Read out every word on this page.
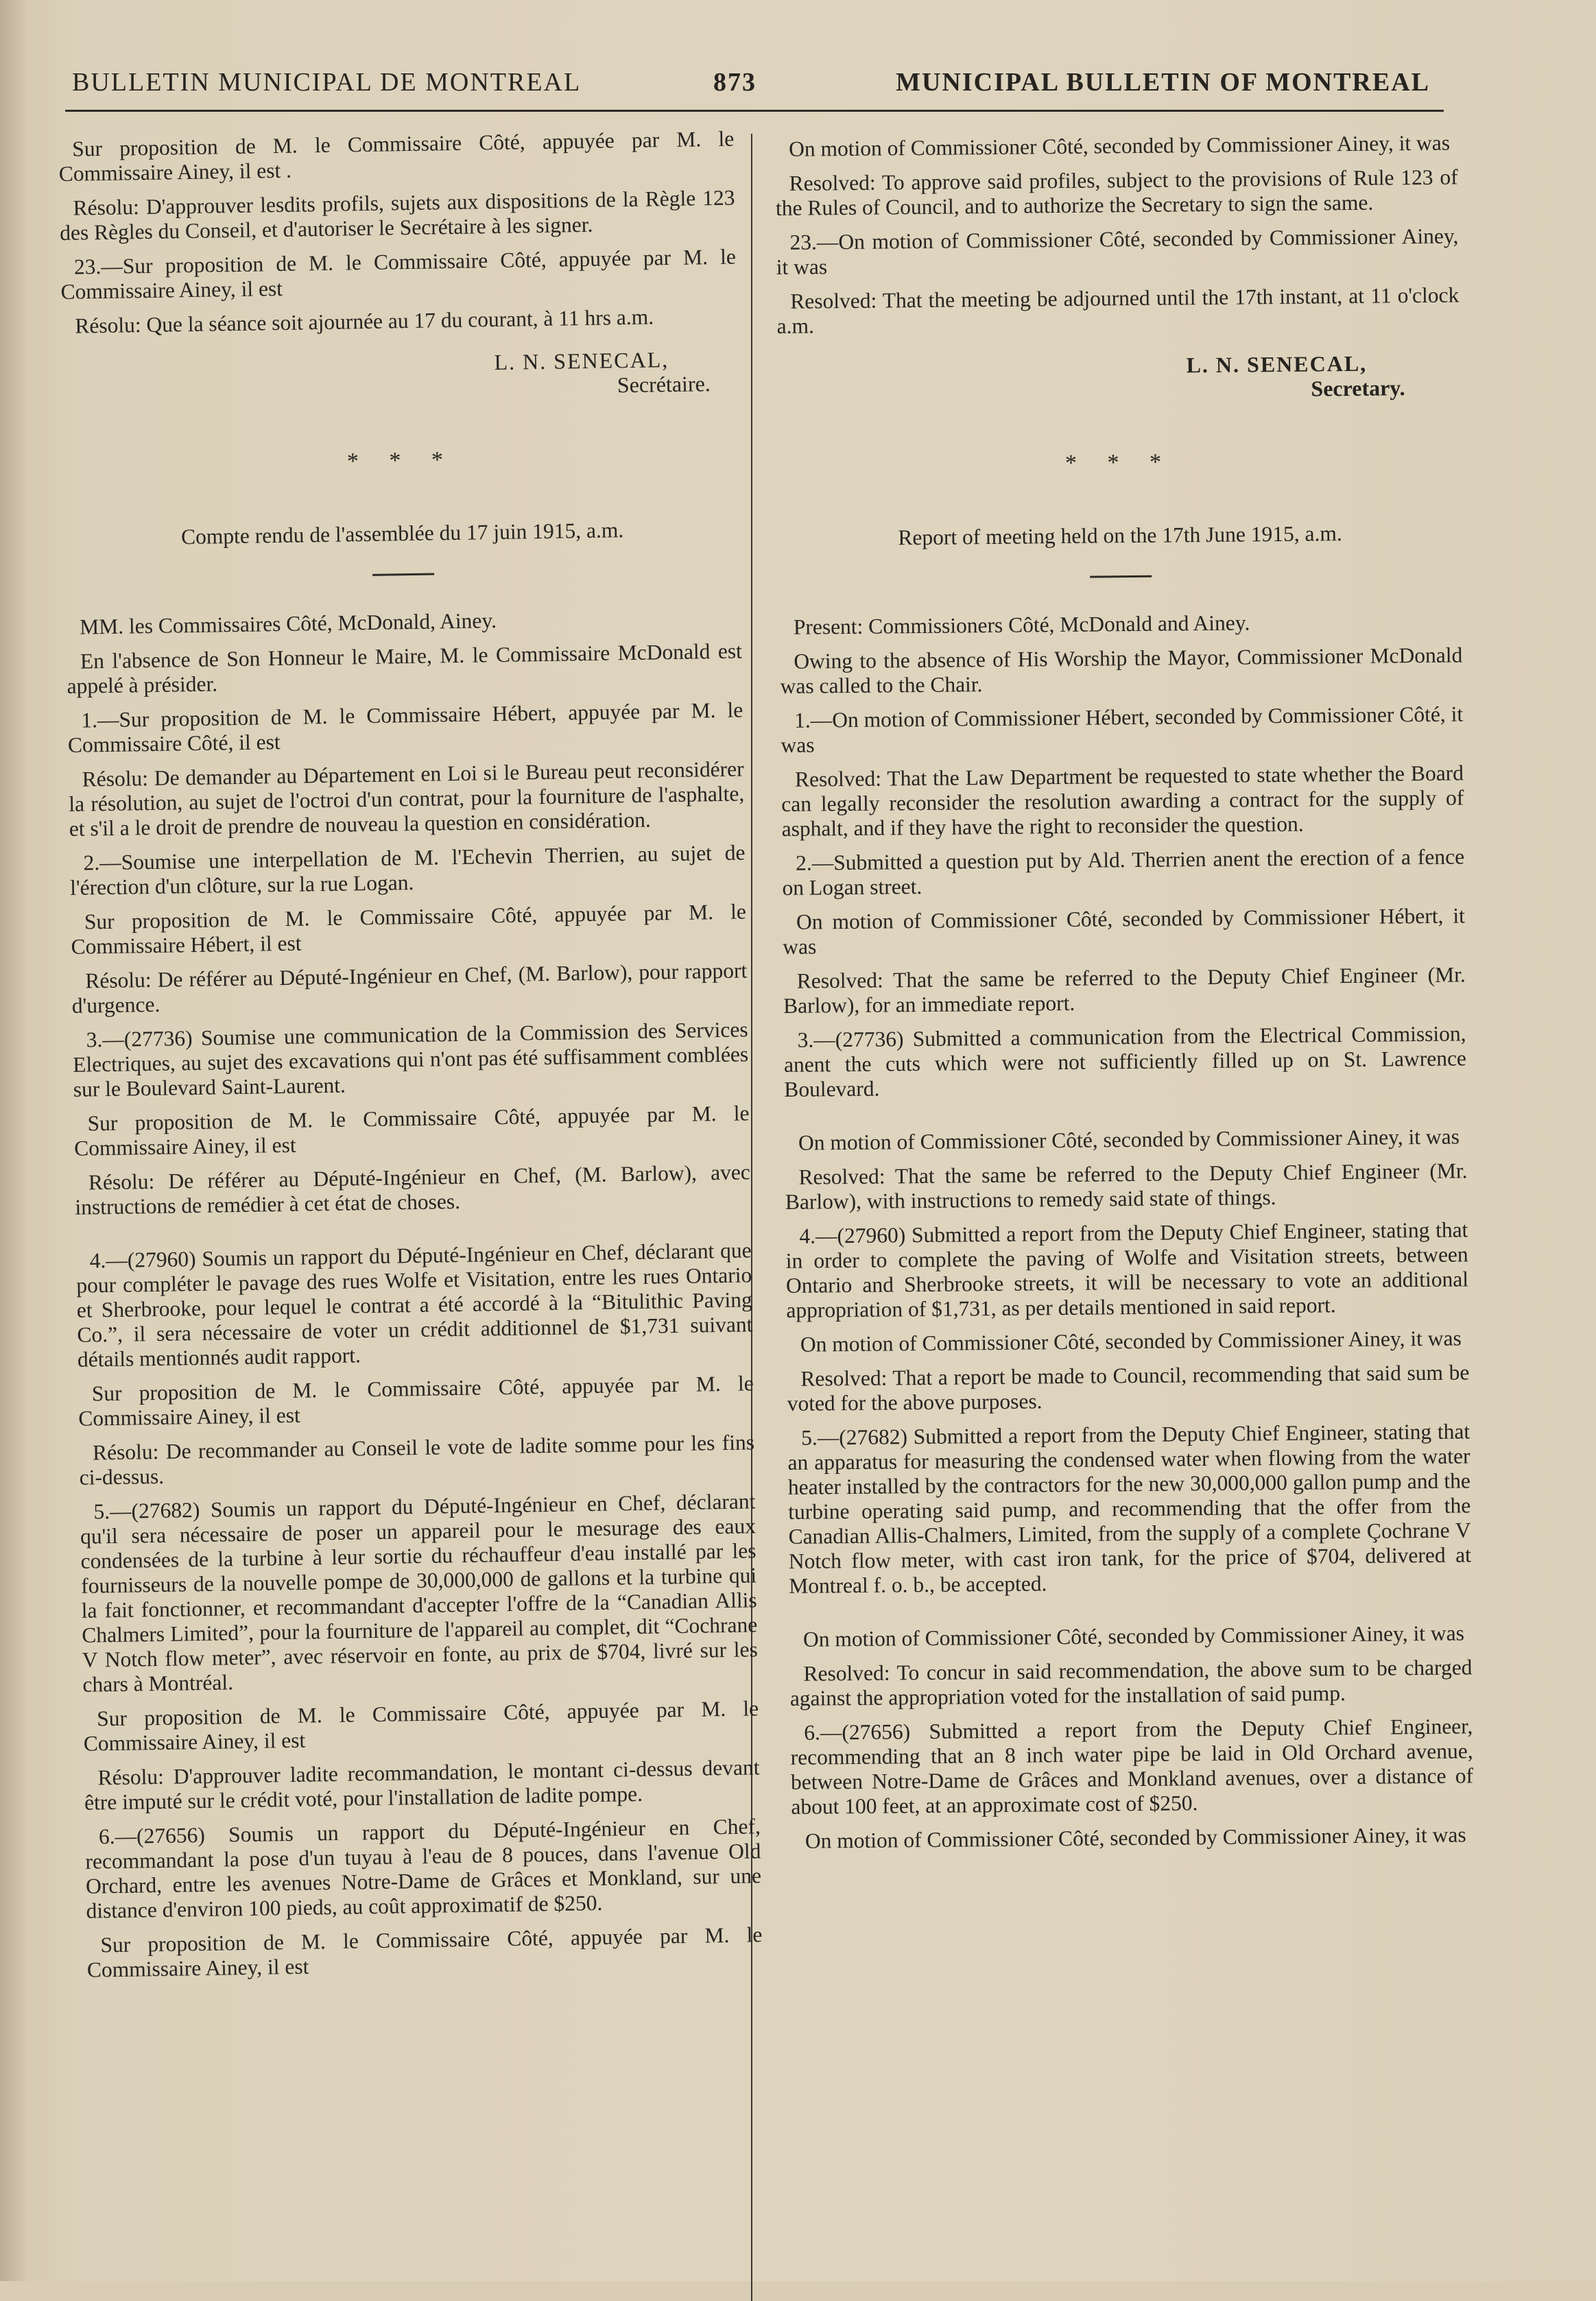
BULLETIN MUNICIPAL DE MONTREAL	873	MUNICIPAL BULLETIN OF MONTREAL

Sur proposition de M. le Commissaire Côté, appuyée par M. le Commissaire Ainey, il est .

Résolu: D'approuver lesdits profils, sujets aux dispositions de la Règle 123 des Règles du Conseil, et d'autoriser le Secrétaire à les signer.

23.—Sur proposition de M. le Commissaire Côté, appuyée par M. le Commissaire Ainey, il est

Résolu: Que la séance soit ajournée au 17 du courant, à 11 hrs a.m.

L. N. SENECAL,
Secrétaire.
* * *
Compte rendu de l'assemblée du 17 juin 1915, a.m.

MM. les Commissaires Côté, McDonald, Ainey.

En l'absence de Son Honneur le Maire, M. le Commissaire McDonald est appelé à présider.

1.—Sur proposition de M. le Commissaire Hébert, appuyée par M. le Commissaire Côté, il est

Résolu: De demander au Département en Loi si le Bureau peut reconsidérer la résolution, au sujet de l'octroi d'un contrat, pour la fourniture de l'asphalte, et s'il a le droit de prendre de nouveau la question en considération.

2.—Soumise une interpellation de M. l'Echevin Therrien, au sujet de l'érection d'un clôture, sur la rue Logan.

Sur proposition de M. le Commissaire Côté, appuyée par M. le Commissaire Hébert, il est

Résolu: De référer au Député-Ingénieur en Chef, (M. Barlow), pour rapport d'urgence.

3.—(27736) Soumise une communication de la Commission des Services Electriques, au sujet des excavations qui n'ont pas été suffisamment comblées sur le Boulevard Saint-Laurent.

Sur proposition de M. le Commissaire Côté, appuyée par M. le Commissaire Ainey, il est

Résolu: De référer au Député-Ingénieur en Chef, (M. Barlow), avec instructions de remédier à cet état de choses.

4.—(27960) Soumis un rapport du Député-Ingénieur en Chef, déclarant que pour compléter le pavage des rues Wolfe et Visitation, entre les rues Ontario et Sherbrooke, pour lequel le contrat a été accordé à la “Bitulithic Paving Co.”, il sera nécessaire de voter un crédit additionnel de $1,731 suivant détails mentionnés audit rapport.

Sur proposition de M. le Commissaire Côté, appuyée par M. le Commissaire Ainey, il est

Résolu: De recommander au Conseil le vote de ladite somme pour les fins ci-dessus.

5.—(27682) Soumis un rapport du Député-Ingénieur en Chef, déclarant qu'il sera nécessaire de poser un appareil pour le mesurage des eaux condensées de la turbine à leur sortie du réchauffeur d'eau installé par les fournisseurs de la nouvelle pompe de 30,000,000 de gallons et la turbine qui la fait fonctionner, et recommandant d'accepter l'offre de la “Canadian Allis Chalmers Limited”, pour la fourniture de l'appareil au complet, dit “Cochrane V Notch flow meter”, avec réservoir en fonte, au prix de $704, livré sur les chars à Montréal.

Sur proposition de M. le Commissaire Côté, appuyée par M. le Commissaire Ainey, il est

Résolu: D'approuver ladite recommandation, le montant ci-dessus devant être imputé sur le crédit voté, pour l'installation de ladite pompe.

6.—(27656) Soumis un rapport du Député-Ingénieur en Chef, recommandant la pose d'un tuyau à l'eau de 8 pouces, dans l'avenue Old Orchard, entre les avenues Notre-Dame de Grâces et Monkland, sur une distance d'environ 100 pieds, au coût approximatif de $250.

Sur proposition de M. le Commissaire Côté, appuyée par M. le Commissaire Ainey, il est

On motion of Commissioner Côté, seconded by Commissioner Ainey, it was

Resolved: To approve said profiles, subject to the provisions of Rule 123 of the Rules of Council, and to authorize the Secretary to sign the same.

23.—On motion of Commissioner Côté, seconded by Commissioner Ainey, it was

Resolved: That the meeting be adjourned until the 17th instant, at 11 o'clock a.m.

L. N. SENECAL,
Secretary.
* * *
Report of meeting held on the 17th June 1915, a.m.

Present: Commissioners Côté, McDonald and Ainey.

Owing to the absence of His Worship the Mayor, Commissioner McDonald was called to the Chair.

1.—On motion of Commissioner Hébert, seconded by Commissioner Côté, it was

Resolved: That the Law Department be requested to state whether the Board can legally reconsider the resolution awarding a contract for the supply of asphalt, and if they have the right to reconsider the question.

2.—Submitted a question put by Ald. Therrien anent the erection of a fence on Logan street.

On motion of Commissioner Côté, seconded by Commissioner Hébert, it was

Resolved: That the same be referred to the Deputy Chief Engineer (Mr. Barlow), for an immediate report.

3.—(27736) Submitted a communication from the Electrical Commission, anent the cuts which were not sufficiently filled up on St. Lawrence Boulevard.

On motion of Commissioner Côté, seconded by Commissioner Ainey, it was

Resolved: That the same be referred to the Deputy Chief Engineer (Mr. Barlow), with instructions to remedy said state of things.

4.—(27960) Submitted a report from the Deputy Chief Engineer, stating that in order to complete the paving of Wolfe and Visitation streets, between Ontario and Sherbrooke streets, it will be necessary to vote an additional appropriation of $1,731, as per details mentioned in said report.

On motion of Commissioner Côté, seconded by Commissioner Ainey, it was

Resolved: That a report be made to Council, recommending that said sum be voted for the above purposes.

5.—(27682) Submitted a report from the Deputy Chief Engineer, stating that an apparatus for measuring the condensed water when flowing from the water heater installed by the contractors for the new 30,000,000 gallon pump and the turbine operating said pump, and recommending that the offer from the Canadian Allis-Chalmers, Limited, from the supply of a complete Çochrane V Notch flow meter, with cast iron tank, for the price of $704, delivered at Montreal f. o. b., be accepted.

On motion of Commissioner Côté, seconded by Commissioner Ainey, it was

Resolved: To concur in said recommendation, the above sum to be charged against the appropriation voted for the installation of said pump.

6.—(27656) Submitted a report from the Deputy Chief Engineer, recommending that an 8 inch water pipe be laid in Old Orchard avenue, between Notre-Dame de Grâces and Monkland avenues, over a distance of about 100 feet, at an approximate cost of $250.

On motion of Commissioner Côté, seconded by Commissioner Ainey, it was
